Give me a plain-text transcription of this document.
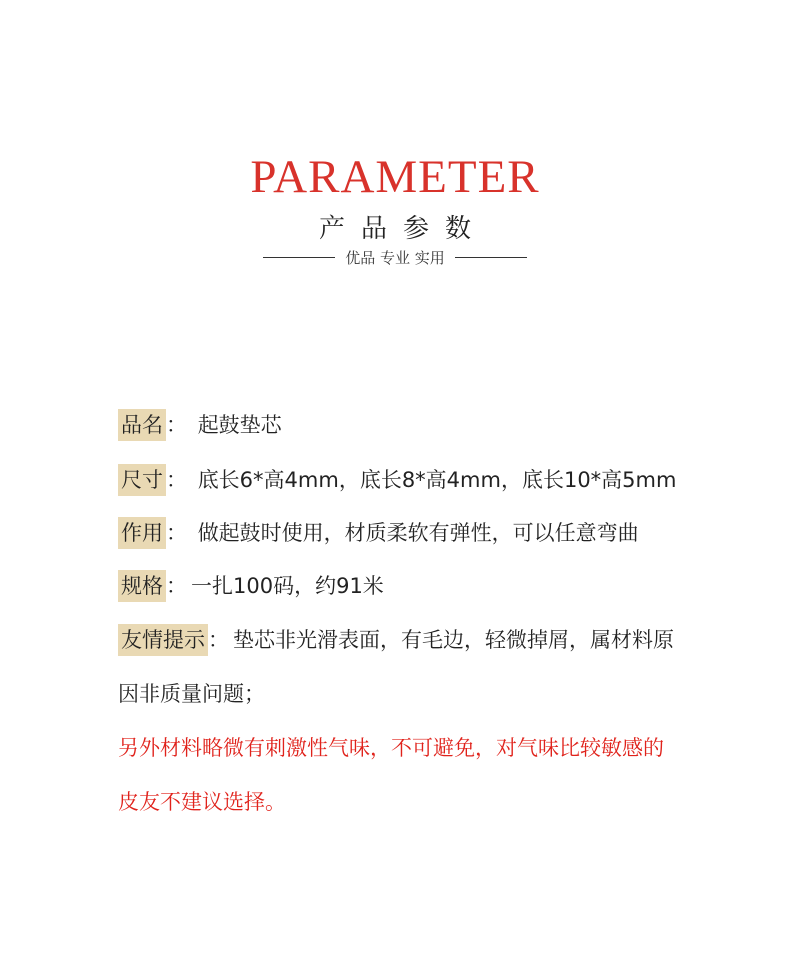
PARAMETER
产品参数
优品 专业 实用
品名 ： 起鼓垫芯
尺寸 ： 底长6*高4mm，底长8*高4mm，底长10*高5mm
作用 ： 做起鼓时使用，材质柔软有弹性，可以任意弯曲
规格 ： 一扎100码，约91米
友情提示 ： 垫芯非光滑表面，有毛边，轻微掉屑，属材料原
因非质量问题；
另外材料略微有刺激性气味，不可避免，对气味比较敏感的
皮友不建议选择。
